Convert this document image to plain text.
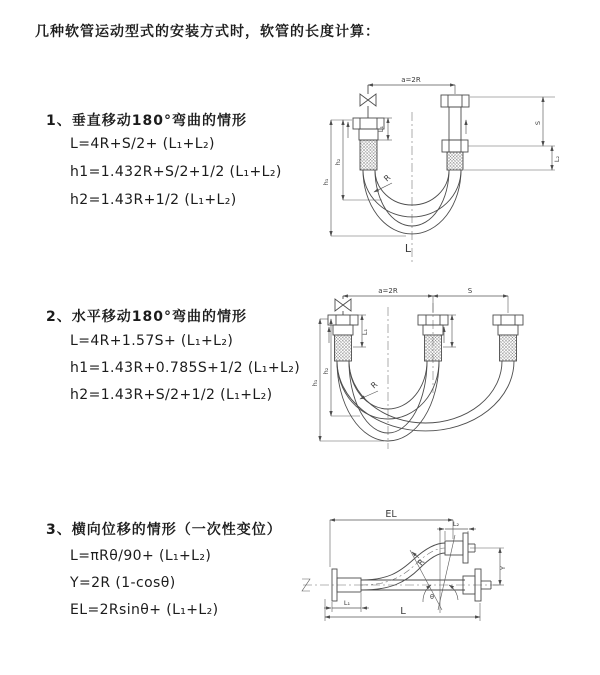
几种软管运动型式的安装方式时，软管的长度计算：
1、垂直移动180°弯曲的情形
L=4R+S/2+ (L₁+L₂)
h1=1.432R+S/2+1/2 (L₁+L₂)
h2=1.43R+1/2 (L₁+L₂)
2、水平移动180°弯曲的情形
L=4R+1.57S+ (L₁+L₂)
h1=1.43R+0.785S+1/2 (L₁+L₂)
h2=1.43R+S/2+1/2 (L₁+L₂)
3、横向位移的情形（一次性变位）
L=πRθ/90+ (L₁+L₂)
Y=2R (1-cosθ)
EL=2Rsinθ+ (L₁+L₂)
a=2R
h₁
h₂
L₁
S
L₂
R
L
a=2R	S
h₁
h₂
L₁
R
EL
L₂
Y
θ
R
L
L₁
